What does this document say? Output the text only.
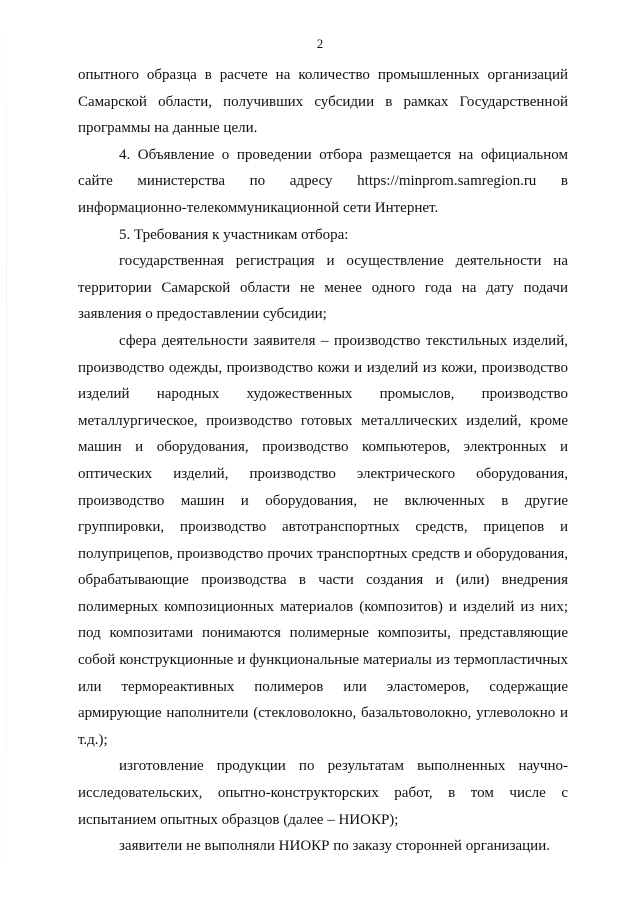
2

опытного образца в расчете на количество промышленных организаций Самарской области, получивших субсидии в рамках Государственной программы на данные цели.

4. Объявление о проведении отбора размещается на официальном сайте министерства по адресу https://minprom.samregion.ru в информационно-телекоммуникационной сети Интернет.

5. Требования к участникам отбора:

государственная регистрация и осуществление деятельности на территории Самарской области не менее одного года на дату подачи заявления о предоставлении субсидии;

сфера деятельности заявителя – производство текстильных изделий, производство одежды, производство кожи и изделий из кожи, производство изделий народных художественных промыслов, производство металлургическое, производство готовых металлических изделий, кроме машин и оборудования, производство компьютеров, электронных и оптических изделий, производство электрического оборудования, производство машин и оборудования, не включенных в другие группировки, производство автотранспортных средств, прицепов и полуприцепов, производство прочих транспортных средств и оборудования, обрабатывающие производства в части создания и (или) внедрения полимерных композиционных материалов (композитов) и изделий из них; под композитами понимаются полимерные композиты, представляющие собой конструкционные и функциональные материалы из термопластичных или термореактивных полимеров или эластомеров, содержащие армирующие наполнители (стекловолокно, базальтоволокно, углеволокно и т.д.);

изготовление продукции по результатам выполненных научно-исследовательских, опытно-конструкторских работ, в том числе с испытанием опытных образцов (далее – НИОКР);

заявители не выполняли НИОКР по заказу сторонней организации.
